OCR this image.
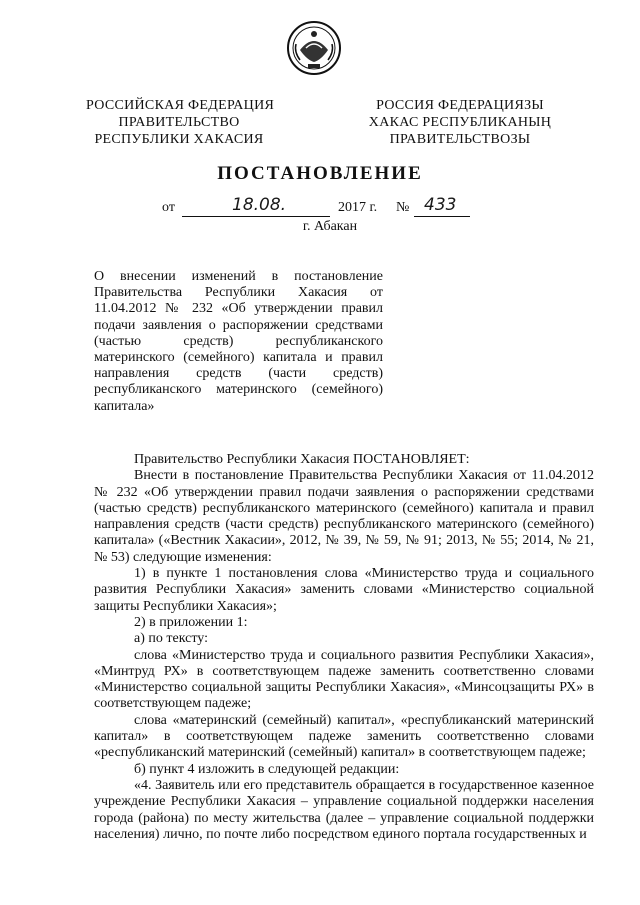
РОССИЙСКАЯ ФЕДЕРАЦИЯ
ПРАВИТЕЛЬСТВО
РЕСПУБЛИКИ ХАКАСИЯ
РОССИЯ ФЕДЕРАЦИЯЗЫ
ХАКАС РЕСПУБЛИКАНЫҢ
ПРАВИТЕЛЬСТВОЗЫ
ПОСТАНОВЛЕНИЕ
от	18.08.	2017 г. № 433
г. Абакан
О внесении изменений в постановление Правительства Республики Хакасия от 11.04.2012 № 232 «Об утверждении правил подачи заявления о распоряжении средствами (частью средств) республиканского материнского (семейного) капитала и правил направления средств (части средств) республиканского материнского (семейного) капитала»

Правительство Республики Хакасия ПОСТАНОВЛЯЕТ:

Внести в постановление Правительства Республики Хакасия от 11.04.2012 № 232 «Об утверждении правил подачи заявления о распоряжении средствами (частью средств) республиканского материнского (семейного) капитала и правил направления средств (части средств) республиканского материнского (семейного) капитала» («Вестник Хакасии», 2012, № 39, № 59, № 91; 2013, № 55; 2014, № 21, № 53) следующие изменения:

1) в пункте 1 постановления слова «Министерство труда и социального развития Республики Хакасия» заменить словами «Министерство социальной защиты Республики Хакасия»;

2) в приложении 1:

а) по тексту:

слова «Министерство труда и социального развития Республики Хакасия», «Минтруд РХ» в соответствующем падеже заменить соответственно словами «Министерство социальной защиты Республики Хакасия», «Минсоцзащиты РХ» в соответствующем падеже;

слова «материнский (семейный) капитал», «республиканский материнский капитал» в соответствующем падеже заменить соответственно словами «республиканский материнский (семейный) капитал» в соответствующем падеже;

б) пункт 4 изложить в следующей редакции:

«4. Заявитель или его представитель обращается в государственное казенное учреждение Республики Хакасия – управление социальной поддержки населения города (района) по месту жительства (далее – управление социальной поддержки населения) лично, по почте либо посредством единого портала государственных и
